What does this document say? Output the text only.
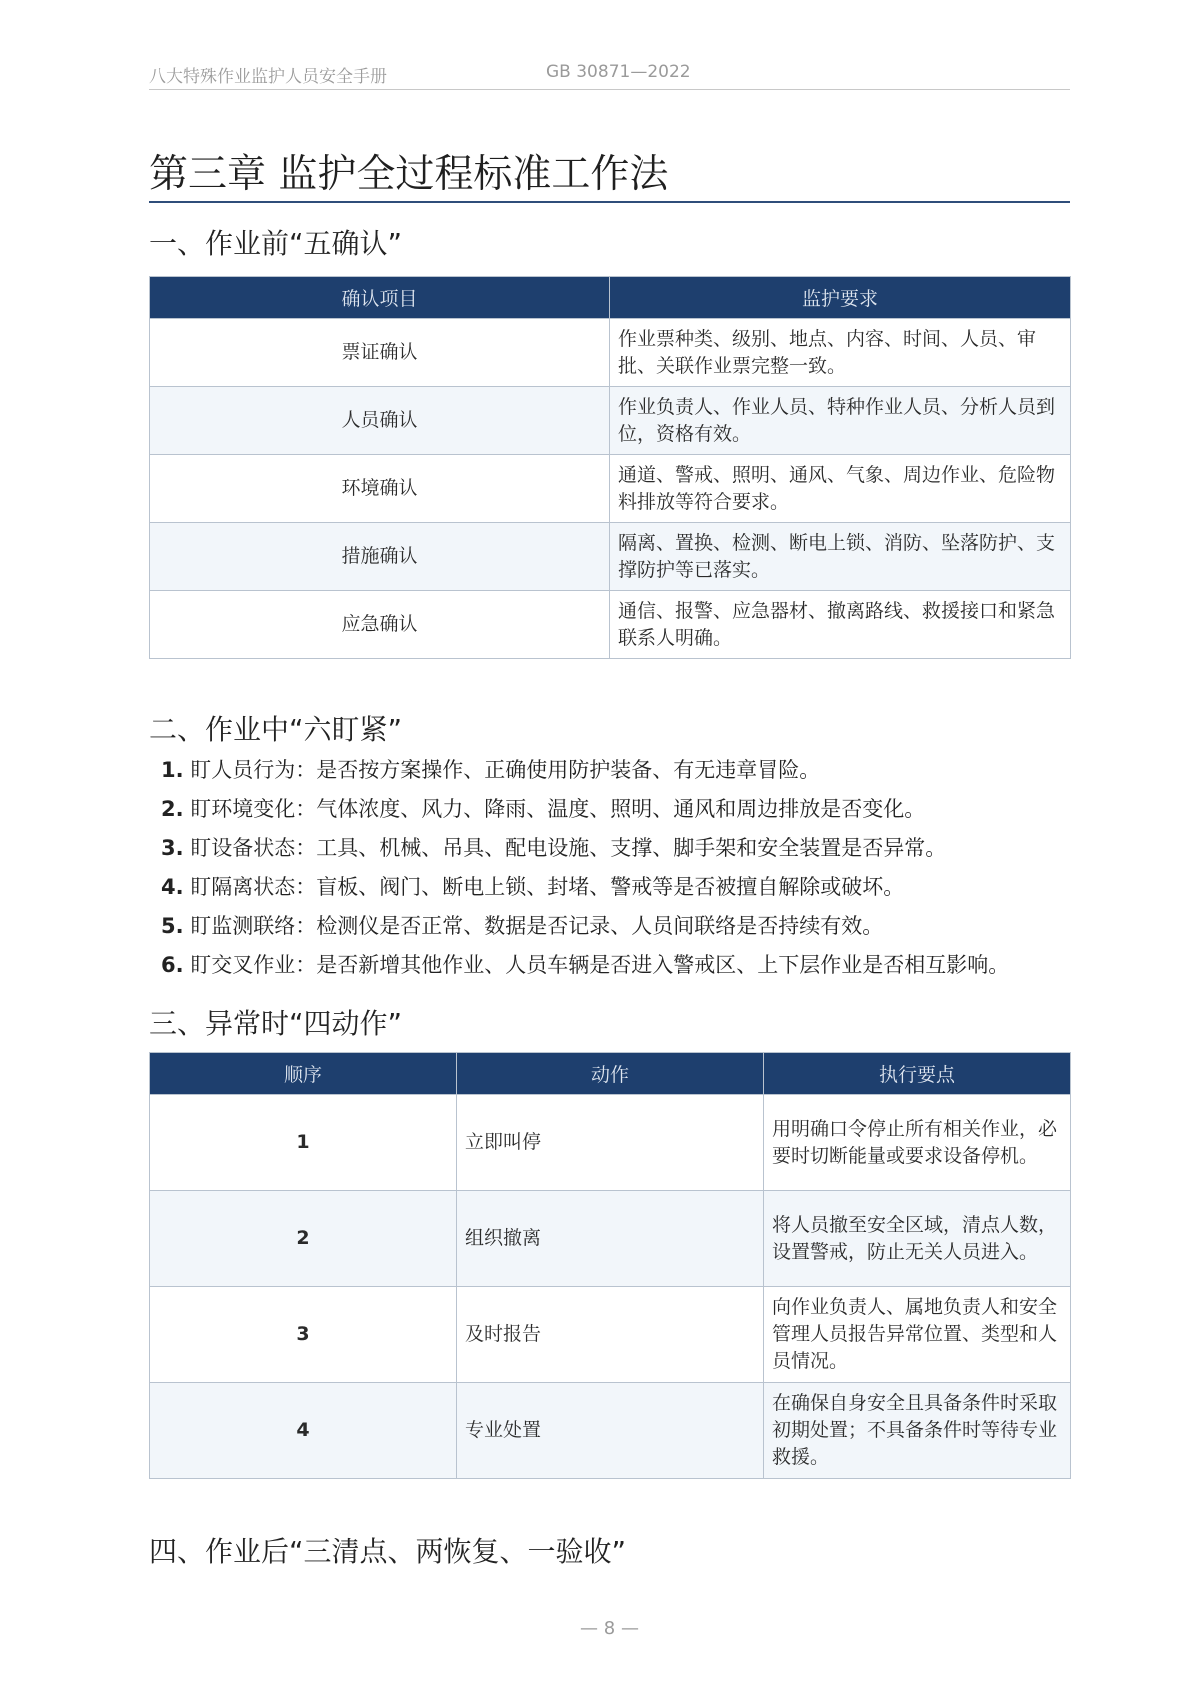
八大特殊作业监护人员安全手册	GB 30871—2022
第三章 监护全过程标准工作法
一、作业前“五确认”
确认项目	监护要求
票证确认	作业票种类、级别、地点、内容、时间、人员、审批、关联作业票完整一致。
人员确认	作业负责人、作业人员、特种作业人员、分析人员到位，资格有效。
环境确认	通道、警戒、照明、通风、气象、周边作业、危险物料排放等符合要求。
措施确认	隔离、置换、检测、断电上锁、消防、坠落防护、支撑防护等已落实。
应急确认	通信、报警、应急器材、撤离路线、救援接口和紧急联系人明确。
二、作业中“六盯紧”
1. 盯人员行为：是否按方案操作、正确使用防护装备、有无违章冒险。
2. 盯环境变化：气体浓度、风力、降雨、温度、照明、通风和周边排放是否变化。
3. 盯设备状态：工具、机械、吊具、配电设施、支撑、脚手架和安全装置是否异常。
4. 盯隔离状态：盲板、阀门、断电上锁、封堵、警戒等是否被擅自解除或破坏。
5. 盯监测联络：检测仪是否正常、数据是否记录、人员间联络是否持续有效。
6. 盯交叉作业：是否新增其他作业、人员车辆是否进入警戒区、上下层作业是否相互影响。
三、异常时“四动作”
顺序	动作	执行要点
1	立即叫停	用明确口令停止所有相关作业，必要时切断能量或要求设备停机。
2	组织撤离	将人员撤至安全区域，清点人数，设置警戒，防止无关人员进入。
3	及时报告	向作业负责人、属地负责人和安全管理人员报告异常位置、类型和人员情况。
4	专业处置	在确保自身安全且具备条件时采取初期处置；不具备条件时等待专业救援。
四、作业后“三清点、两恢复、一验收”
— 8 —
